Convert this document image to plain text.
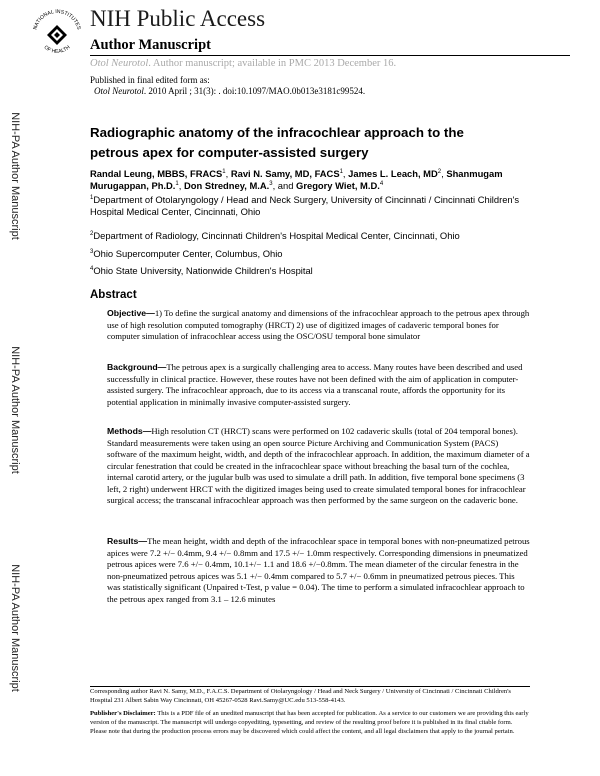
NATIONAL INSTITUTES
OF HEALTH
NIH Public Access
Author Manuscript
Otol Neurotol. Author manuscript; available in PMC 2013 December 16.
Published in final edited form as:
Otol Neurotol. 2010 April ; 31(3): . doi:10.1097/MAO.0b013e3181c99524.
NIH-PA Author Manuscript
NIH-PA Author Manuscript
NIH-PA Author Manuscript
Radiographic anatomy of the infracochlear approach to the petrous apex for computer-assisted surgery
Randal Leung, MBBS, FRACS$^1$, Ravi N. Samy, MD, FACS$^1$, James L. Leach, $MD^2$, Shanmugam Murugappan, Ph.D.$^1$, Don Stredney, M.A.$^3$, and Gregory Wiet, M.D.$^4$
$^1$Department of Otolaryngology / Head and Neck Surgery, University of Cincinnati / Cincinnati Children's Hospital Medical Center, Cincinnati, Ohio
$^2$Department of Radiology, Cincinnati Children's Hospital Medical Center, Cincinnati, Ohio
$^3$Ohio Supercomputer Center, Columbus, Ohio
$^4$Ohio State University, Nationwide Children's Hospital
Abstract
Objective—1) To define the surgical anatomy and dimensions of the infracochlear approach to the petrous apex through use of high resolution computed tomography (HRCT) 2) use of digitized images of cadaveric temporal bones for computer simulation of infracochlear access using the OSC/OSU temporal bone simulator
Background—The petrous apex is a surgically challenging area to access. Many routes have been described and used successfully in clinical practice. However, these routes have not been defined with the aim of application in computer-assisted surgery. The infracochlear approach, due to its access via a transcanal route, affords the opportunity for its potential application in minimally invasive computer-assisted surgery.
Methods—High resolution CT (HRCT) scans were performed on 102 cadaveric skulls (total of 204 temporal bones). Standard measurements were taken using an open source Picture Archiving and Communication System (PACS) software of the maximum height, width, and depth of the infracochlear approach. In addition, the maximum diameter of a circular fenestration that could be created in the infracochlear space without breaching the basal turn of the cochlea, internal carotid artery, or the jugular bulb was used to simulate a drill path. In addition, five temporal bone specimens (3 left, 2 right) underwent HRCT with the digitized images being used to create simulated temporal bones for infracochlear surgical access; the transcanal infracochlear approach was then performed by the same surgeon on the cadaveric bone.
Results—The mean height, width and depth of the infracochlear space in temporal bones with non-pneumatized petrous apices were 7.2 +/− 0.4mm, 9.4 +/− 0.8mm and 17.5 +/− 1.0mm respectively. Corresponding dimensions in pneumatized petrous apices were 7.6 +/− 0.4mm, 10.1+/− 1.1 and 18.6 +/−0.8mm. The mean diameter of the circular fenestra in the non-pneumatized petrous apices was 5.1 +/− 0.4mm compared to 5.7 +/− 0.6mm in pneumatized petrous pieces. This was statistically significant (Unpaired t-Test, p value = 0.04). The time to perform a simulated infracochlear approach to the petrous apex ranged from 3.1 – 12.6 minutes
Corresponding author Ravi N. Samy, M.D., F.A.C.S. Department of Otolaryngology / Head and Neck Surgery / University of Cincinnati / Cincinnati Children's Hospital 231 Albert Sabin Way Cincinnati, OH 45267-0528 Ravi.Samy@UC.edu 513-558-4143.
Publisher's Disclaimer: This is a PDF file of an unedited manuscript that has been accepted for publication. As a service to our customers we are providing this early version of the manuscript. The manuscript will undergo copyediting, typesetting, and review of the resulting proof before it is published in its final citable form. Please note that during the production process errors may be discovered which could affect the content, and all legal disclaimers that apply to the journal pertain.
